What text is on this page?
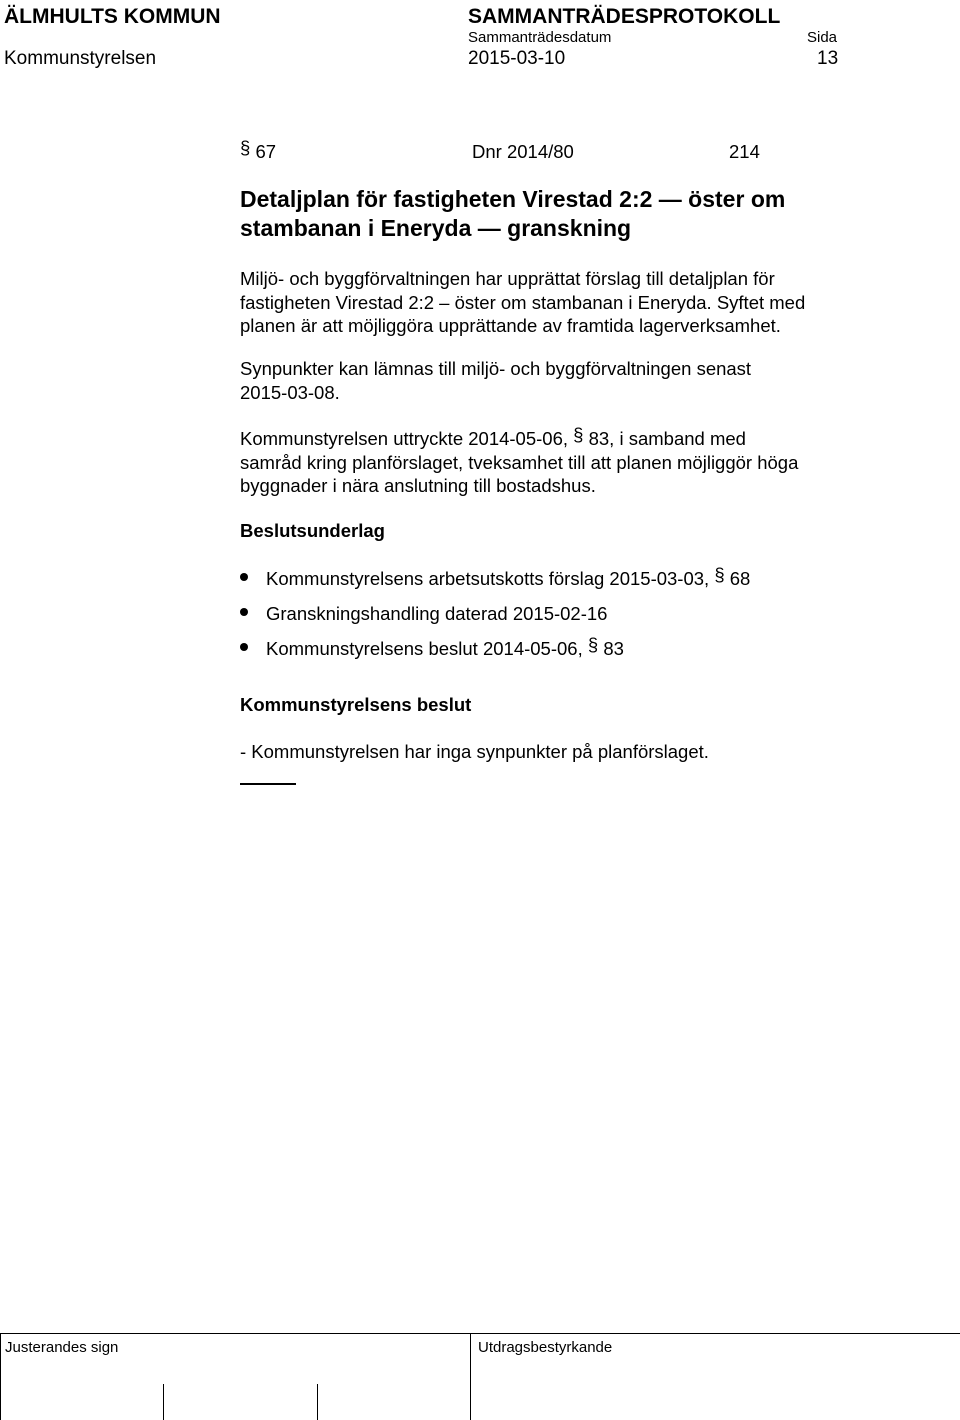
ÄLMHULTS KOMMUN	SAMMANTRÄDESPROTOKOLL
Sammanträdesdatum	Sida
Kommunstyrelsen	2015-03-10	13
§ 67	Dnr 2014/80	214
Detaljplan för fastigheten Virestad 2:2 — öster om
stambanan i Eneryda — granskning
Miljö- och byggförvaltningen har upprättat förslag till detaljplan för
fastigheten Virestad 2:2 – öster om stambanan i Eneryda. Syftet med
planen är att möjliggöra upprättande av framtida lagerverksamhet.
Synpunkter kan lämnas till miljö- och byggförvaltningen senast
2015-03-08.
Kommunstyrelsen uttryckte 2014-05-06, § 83, i samband med
samråd kring planförslaget, tveksamhet till att planen möjliggör höga
byggnader i nära anslutning till bostadshus.
Beslutsunderlag
Kommunstyrelsens arbetsutskotts förslag 2015-03-03, § 68
Granskningshandling daterad 2015-02-16
Kommunstyrelsens beslut 2014-05-06, § 83
Kommunstyrelsens beslut
- Kommunstyrelsen har inga synpunkter på planförslaget.
Justerandes sign	Utdragsbestyrkande
